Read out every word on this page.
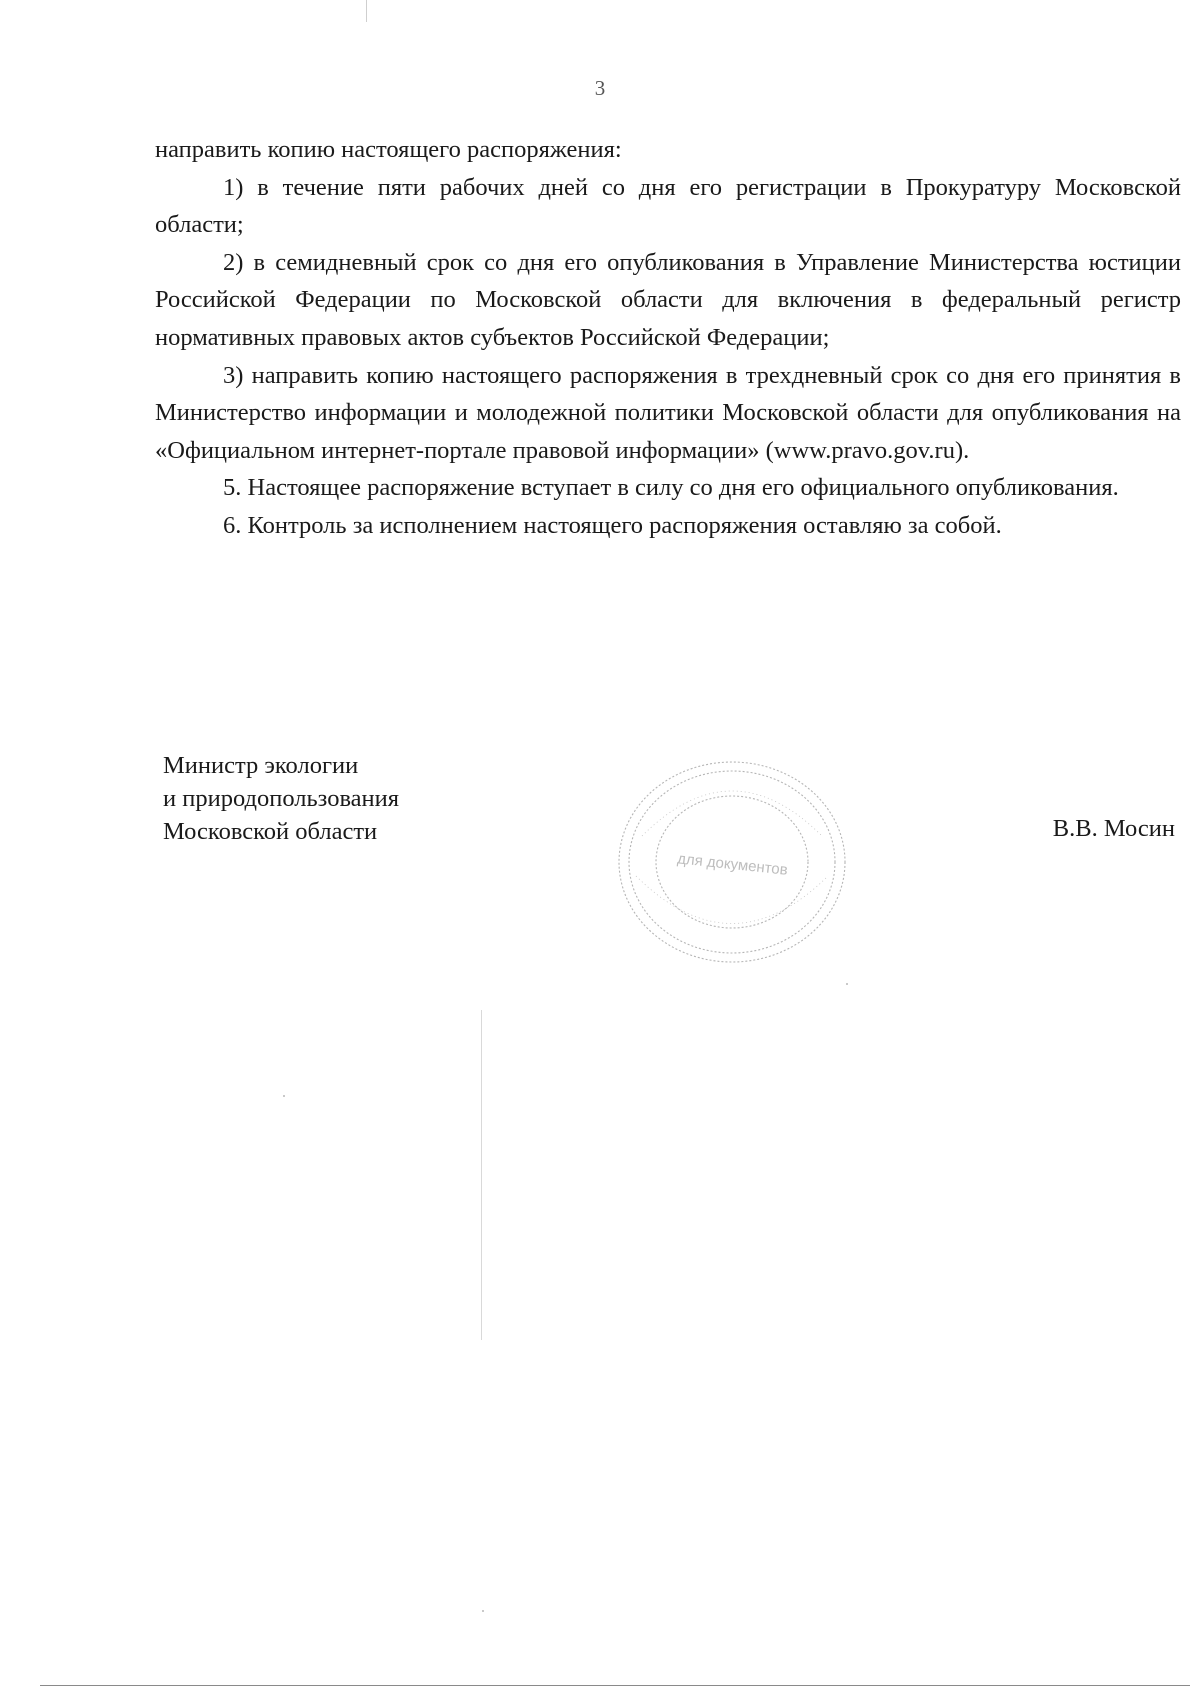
3

направить копию настоящего распоряжения:

1) в течение пяти рабочих дней со дня его регистрации в Прокуратуру Московской области;

2) в семидневный срок со дня его опубликования в Управление Министерства юстиции Российской Федерации по Московской области для включения в федеральный регистр нормативных правовых актов субъектов Российской Федерации;

3) направить копию настоящего распоряжения в трехдневный срок со дня его принятия в Министерство информации и молодежной политики Московской области для опубликования на «Официальном интернет-портале правовой информации» (www.pravo.gov.ru).

5. Настоящее распоряжение вступает в силу со дня его официального опубликования.

6. Контроль за исполнением настоящего распоряжения оставляю за собой.

Министр экологии
и природопользования
Московской области
для документов
В.В. Мосин
